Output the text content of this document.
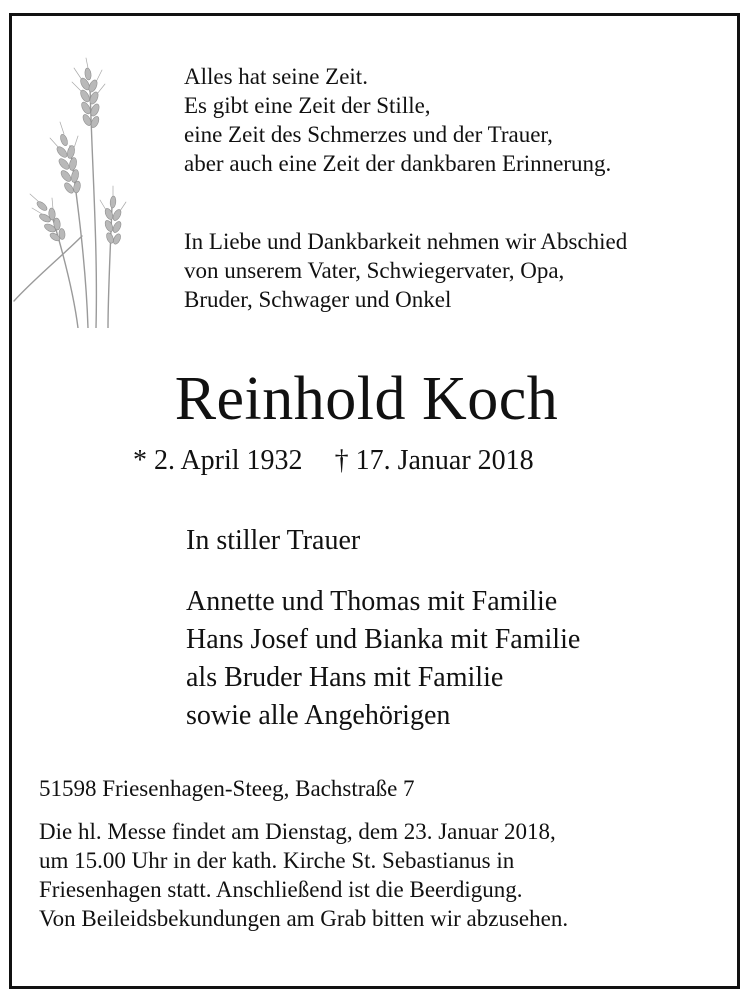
Alles hat seine Zeit.

Es gibt eine Zeit der Stille,

eine Zeit des Schmerzes und der Trauer,

aber auch eine Zeit der dankbaren Erinnerung.

In Liebe und Dankbarkeit nehmen wir Abschied

von unserem Vater, Schwiegervater, Opa,

Bruder, Schwager und Onkel

Reinhold Koch
* 2. April 1932 † 17. Januar 2018
In stiller Trauer

Annette und Thomas mit Familie

Hans Josef und Bianka mit Familie

als Bruder Hans mit Familie

sowie alle Angehörigen

51598 Friesenhagen-Steeg, Bachstraße 7

Die hl. Messe findet am Dienstag, dem 23. Januar 2018,

um 15.00 Uhr in der kath. Kirche St. Sebastianus in

Friesenhagen statt. Anschließend ist die Beerdigung.

Von Beileidsbekundungen am Grab bitten wir abzusehen.
